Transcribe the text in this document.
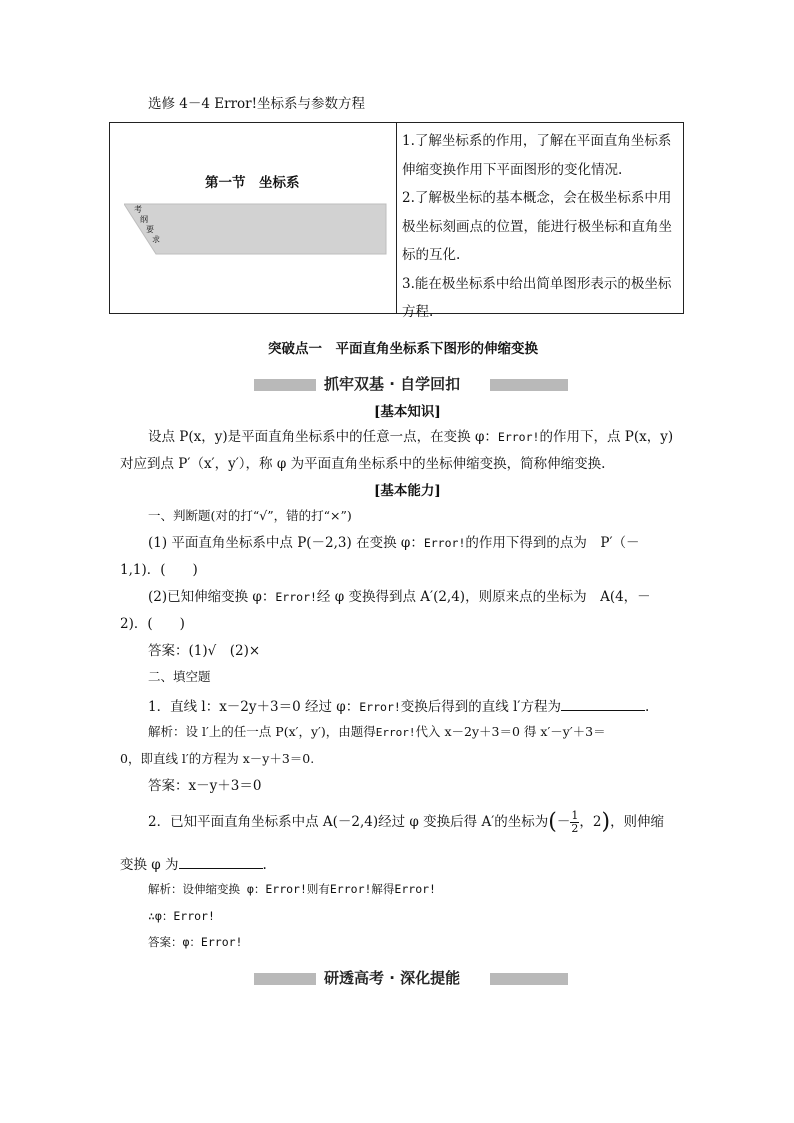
选修 4－4 Error!坐标系与参数方程
第一节　坐标系
考
纲
要
求
1.了解坐标系的作用，了解在平面直角坐标系伸缩变换作用下平面图形的变化情况.
2.了解极坐标的基本概念，会在极坐标系中用极坐标刻画点的位置，能进行极坐标和直角坐标的互化.
3.能在极坐标系中给出简单图形表示的极坐标方程.
突破点一　平面直角坐标系下图形的伸缩变换
抓牢双基 · 自学回扣
[基本知识]
设点 P(x，y)是平面直角坐标系中的任意一点，在变换 φ：Error!的作用下，点 P(x，y)
对应到点 P′（x′，y′），称 φ 为平面直角坐标系中的坐标伸缩变换，简称伸缩变换.
[基本能力]
一、判断题(对的打“√”，错的打“×”)
(1) 平面直角坐标系中点 P(－2,3) 在变换 φ：Error!的作用下得到的点为　P′（－
1,1)．(　　)
(2)已知伸缩变换 φ：Error!经 φ 变换得到点 A′(2,4)，则原来点的坐标为　A(4，－
2)．(　　)
答案：(1)√　(2)×
二、填空题
1．直线 l：x－2y＋3＝0 经过 φ：Error!变换后得到的直线 l′方程为	.
解析：设 l′上的任一点 P(x′，y′)，由题得Error!代入 x－2y＋3＝0 得 x′－y′＋3＝
0，即直线 l′的方程为 x－y＋3＝0.
答案：x－y＋3＝0
2．已知平面直角坐标系中点 A(－2,4)经过 φ 变换后得 A′的坐标为(－ $\frac{1}{2}$ ，2)，则伸缩
变换 φ 为	.
解析：设伸缩变换 φ：Error!则有Error!解得Error!
∴φ：Error!
答案：φ：Error!
研透高考 · 深化提能
